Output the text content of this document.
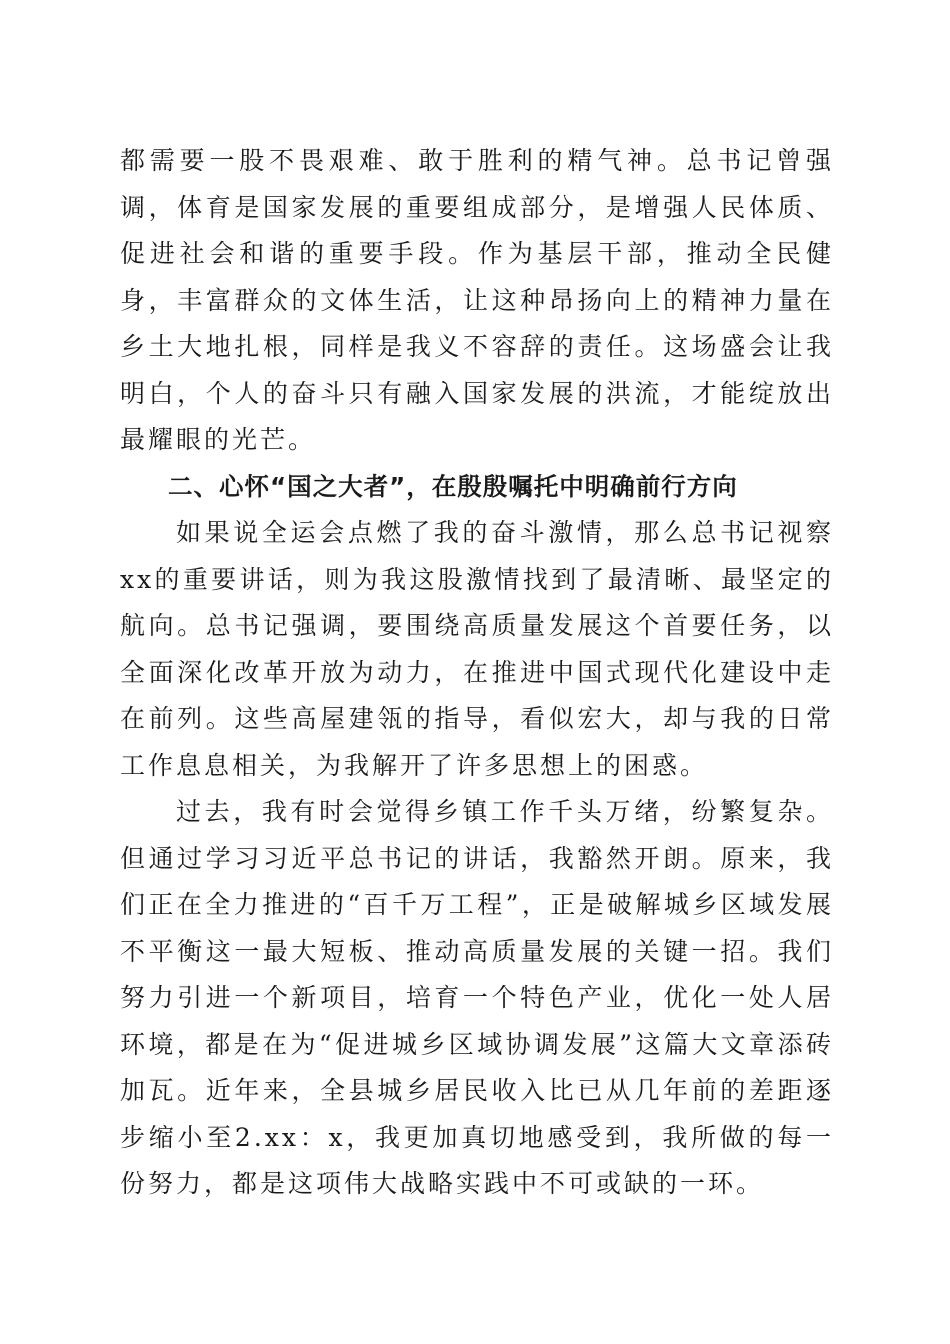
都需要一股不畏艰难、敢于胜利的精气神。总书记曾强调，体育是国家发展的重要组成部分，是增强人民体质、促进社会和谐的重要手段。作为基层干部，推动全民健身，丰富群众的文体生活，让这种昂扬向上的精神力量在乡土大地扎根，同样是我义不容辞的责任。这场盛会让我明白，个人的奋斗只有融入国家发展的洪流，才能绽放出最耀眼的光芒。

二、心怀“国之大者”，在殷殷嘱托中明确前行方向

如果说全运会点燃了我的奋斗激情，那么总书记视察xx的重要讲话，则为我这股激情找到了最清晰、最坚定的航向。总书记强调，要围绕高质量发展这个首要任务，以全面深化改革开放为动力，在推进中国式现代化建设中走在前列。这些高屋建瓴的指导，看似宏大，却与我的日常工作息息相关，为我解开了许多思想上的困惑。

过去，我有时会觉得乡镇工作千头万绪，纷繁复杂。但通过学习习近平总书记的讲话，我豁然开朗。原来，我们正在全力推进的“百千万工程”，正是破解城乡区域发展不平衡这一最大短板、推动高质量发展的关键一招。我们努力引进一个新项目，培育一个特色产业，优化一处人居环境，都是在为“促进城乡区域协调发展”这篇大文章添砖加瓦。近年来，全县城乡居民收入比已从几年前的差距逐步缩小至2.xx：x，我更加真切地感受到，我所做的每一份努力，都是这项伟大战略实践中不可或缺的一环。
